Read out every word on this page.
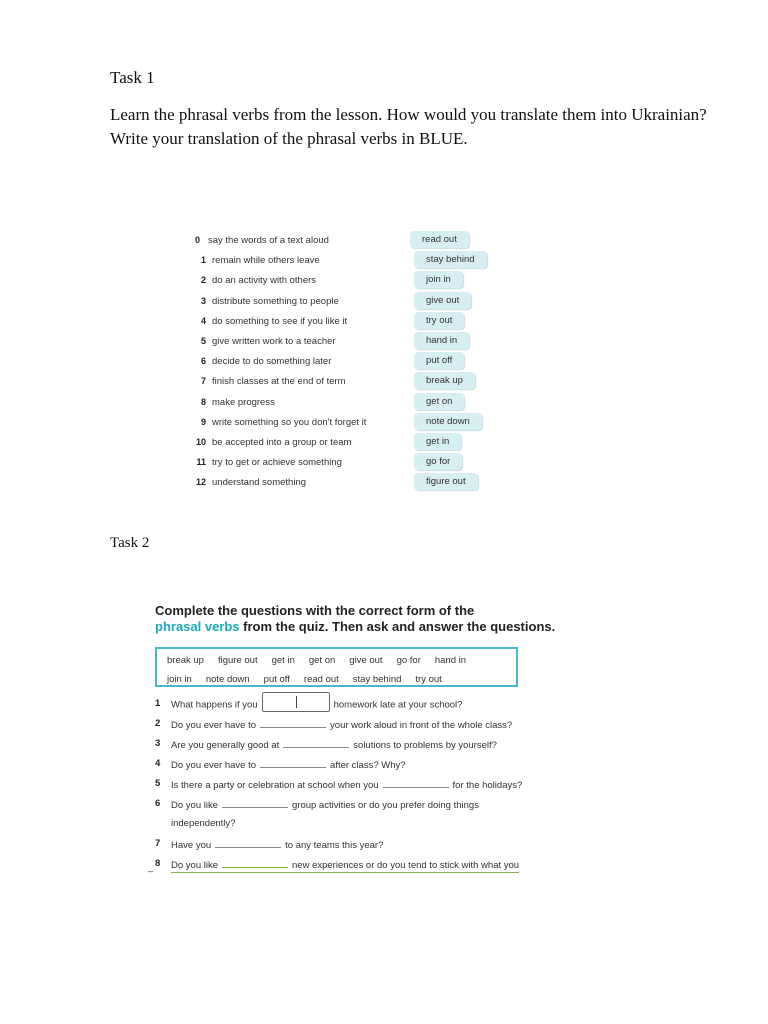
Task 1
Learn the phrasal verbs from the lesson. How would you translate them into Ukrainian? Write your translation of the phrasal verbs in BLUE.
0 say the words of a text aloud	read out
1 remain while others leave	stay behind
2 do an activity with others	join in
3 distribute something to people	give out
4 do something to see if you like it	try out
5 give written work to a teacher	hand in
6 decide to do something later	put off
7 finish classes at the end of term	break up
8 make progress	get on
9 write something so you don't forget it	note down
10 be accepted into a group or team	get in
11 try to get or achieve something	go for
12 understand something	figure out
Task 2
Complete the questions with the correct form of the
phrasal verbs from the quiz. Then ask and answer the questions.
break up figure out get in get on give out go for hand in
join in note down put off read out stay behind try out
1 What happens if you	homework late at your school?
2 Do you ever have to	your work aloud in front of the whole class?
3 Are you generally good at	solutions to problems by yourself?
4 Do you ever have to	after class? Why?
5 Is there a party or celebration at school when you	for the holidays?
6 Do you like	group activities or do you prefer doing things
independently?
7 Have you	to any teams this year?
8 Do you like	new experiences or do you tend to stick with what you
_
